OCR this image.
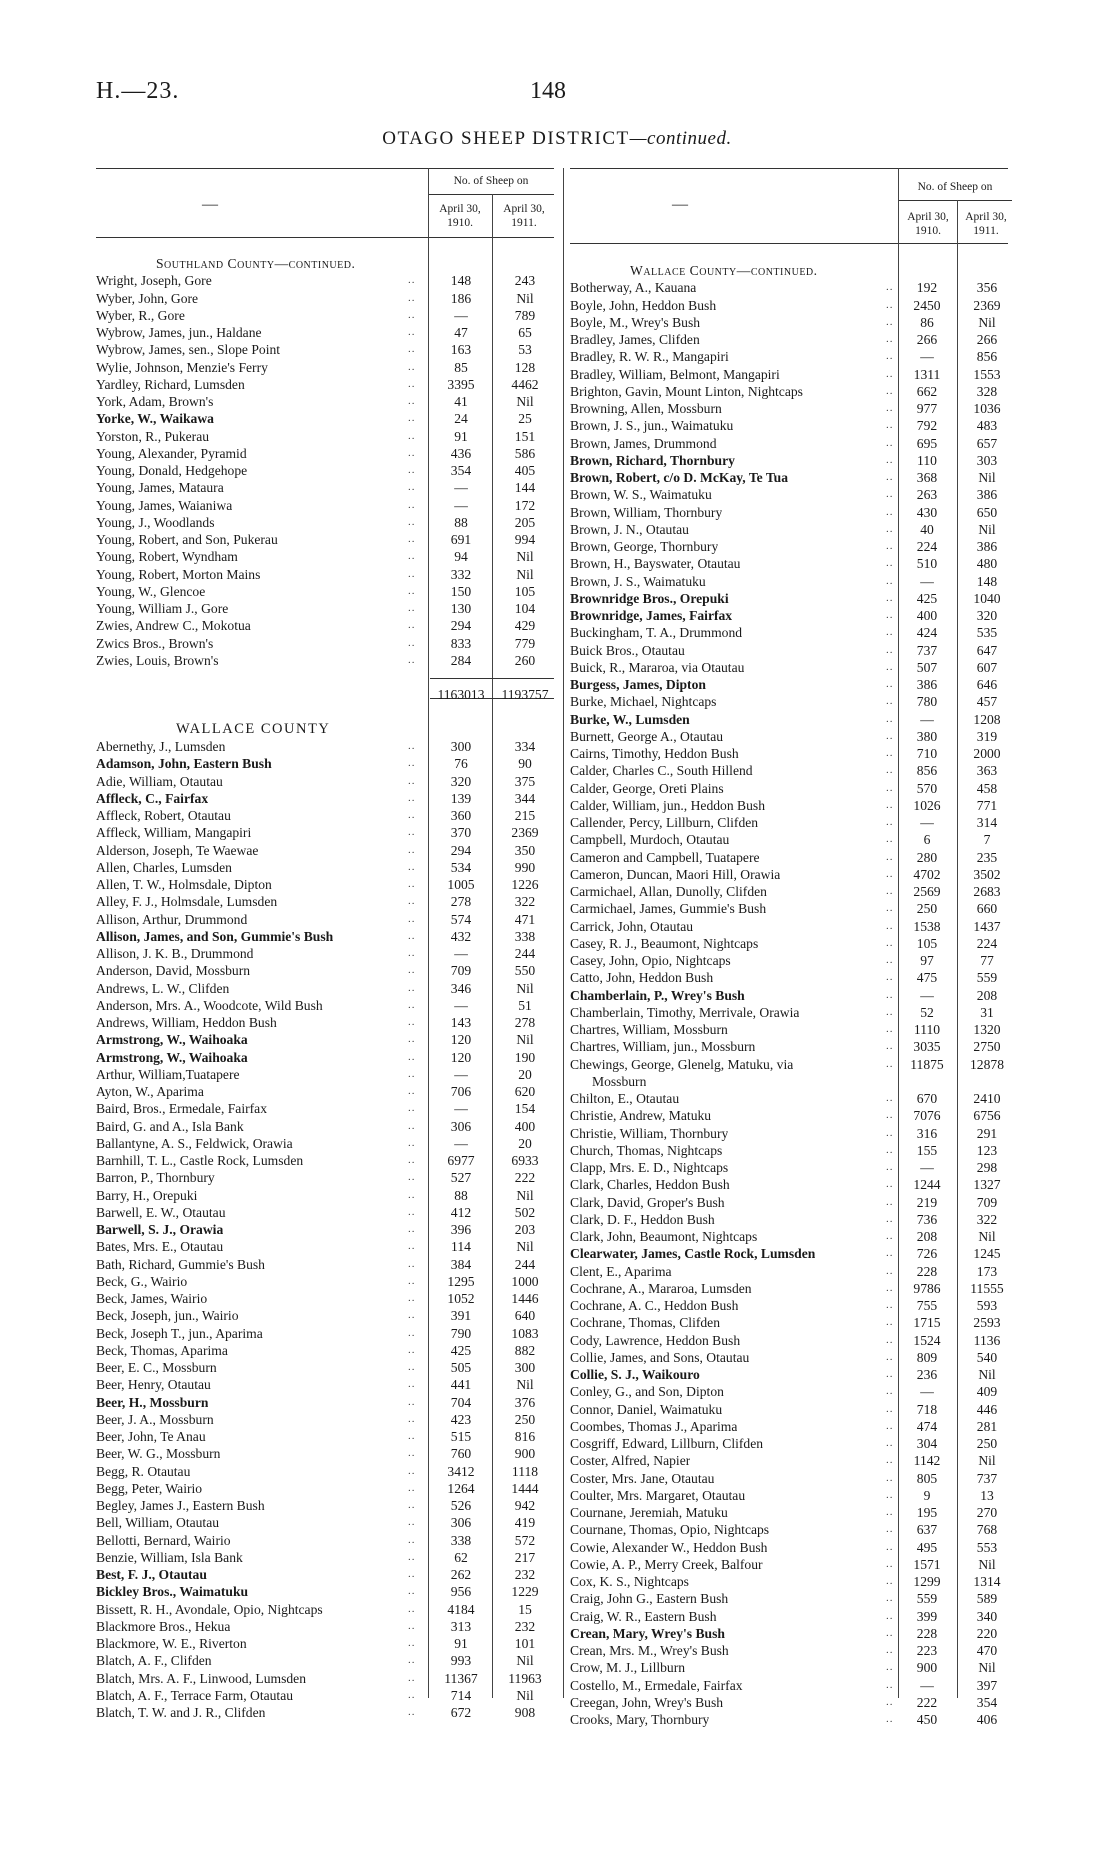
H.—23.	148
OTAGO SHEEP DISTRICT—continued.
—
No. of Sheep on
April 30, 1910.
April 30, 1911.
Southland County—continued.
Wright, Joseph, Gore	..	148	243
Wyber, John, Gore	..	186	Nil
Wyber, R., Gore	..	—	789
Wybrow, James, jun., Haldane	..	47	65
Wybrow, James, sen., Slope Point	..	163	53
Wylie, Johnson, Menzie's Ferry	..	85	128
Yardley, Richard, Lumsden	..	3395	4462
York, Adam, Brown's	..	41	Nil
Yorke, W., Waikawa	..	24	25
Yorston, R., Pukerau	..	91	151
Young, Alexander, Pyramid	..	436	586
Young, Donald, Hedgehope	..	354	405
Young, James, Mataura	..	—	144
Young, James, Waianiwa	..	—	172
Young, J., Woodlands	..	88	205
Young, Robert, and Son, Pukerau	..	691	994
Young, Robert, Wyndham	..	94	Nil
Young, Robert, Morton Mains	..	332	Nil
Young, W., Glencoe	..	150	105
Young, William J., Gore	..	130	104
Zwies, Andrew C., Mokotua	..	294	429
Zwics Bros., Brown's	..	833	779
Zwies, Louis, Brown's	..	284	260
1163013	1193757
WALLACE COUNTY
Abernethy, J., Lumsden	..	300	334
Adamson, John, Eastern Bush	..	76	90
Adie, William, Otautau	..	320	375
Affleck, C., Fairfax	..	139	344
Affleck, Robert, Otautau	..	360	215
Affleck, William, Mangapiri	..	370	2369
Alderson, Joseph, Te Waewae	..	294	350
Allen, Charles, Lumsden	..	534	990
Allen, T. W., Holmsdale, Dipton	..	1005	1226
Alley, F. J., Holmsdale, Lumsden	..	278	322
Allison, Arthur, Drummond	..	574	471
Allison, James, and Son, Gummie's Bush	..	432	338
Allison, J. K. B., Drummond	..	—	244
Anderson, David, Mossburn	..	709	550
Andrews, L. W., Clifden	..	346	Nil
Anderson, Mrs. A., Woodcote, Wild Bush	..	—	51
Andrews, William, Heddon Bush	..	143	278
Armstrong, W., Waihoaka	..	120	Nil
Armstrong, W., Waihoaka	..	120	190
Arthur, William,Tuatapere	..	—	20
Ayton, W., Aparima	..	706	620
Baird, Bros., Ermedale, Fairfax	..	—	154
Baird, G. and A., Isla Bank	..	306	400
Ballantyne, A. S., Feldwick, Orawia	..	—	20
Barnhill, T. L., Castle Rock, Lumsden	..	6977	6933
Barron, P., Thornbury	..	527	222
Barry, H., Orepuki	..	88	Nil
Barwell, E. W., Otautau	..	412	502
Barwell, S. J., Orawia	..	396	203
Bates, Mrs. E., Otautau	..	114	Nil
Bath, Richard, Gummie's Bush	..	384	244
Beck, G., Wairio	..	1295	1000
Beck, James, Wairio	..	1052	1446
Beck, Joseph, jun., Wairio	..	391	640
Beck, Joseph T., jun., Aparima	..	790	1083
Beck, Thomas, Aparima	..	425	882
Beer, E. C., Mossburn	..	505	300
Beer, Henry, Otautau	..	441	Nil
Beer, H., Mossburn	..	704	376
Beer, J. A., Mossburn	..	423	250
Beer, John, Te Anau	..	515	816
Beer, W. G., Mossburn	..	760	900
Begg, R. Otautau	..	3412	1118
Begg, Peter, Wairio	..	1264	1444
Begley, James J., Eastern Bush	..	526	942
Bell, William, Otautau	..	306	419
Bellotti, Bernard, Wairio	..	338	572
Benzie, William, Isla Bank	..	62	217
Best, F. J., Otautau	..	262	232
Bickley Bros., Waimatuku	..	956	1229
Bissett, R. H., Avondale, Opio, Nightcaps	..	4184	15
Blackmore Bros., Hekua	..	313	232
Blackmore, W. E., Riverton	..	91	101
Blatch, A. F., Clifden	..	993	Nil
Blatch, Mrs. A. F., Linwood, Lumsden	..	11367	11963
Blatch, A. F., Terrace Farm, Otautau	..	714	Nil
Blatch, T. W. and J. R., Clifden	..	672	908
—
No. of Sheep on
April 30, 1910.
April 30, 1911.
Wallace County—continued.
Botherway, A., Kauana	..	192	356
Boyle, John, Heddon Bush	..	2450	2369
Boyle, M., Wrey's Bush	..	86	Nil
Bradley, James, Clifden	..	266	266
Bradley, R. W. R., Mangapiri	..	—	856
Bradley, William, Belmont, Mangapiri	..	1311	1553
Brighton, Gavin, Mount Linton, Nightcaps	..	662	328
Browning, Allen, Mossburn	..	977	1036
Brown, J. S., jun., Waimatuku	..	792	483
Brown, James, Drummond	..	695	657
Brown, Richard, Thornbury	..	110	303
Brown, Robert, c/o D. McKay, Te Tua	..	368	Nil
Brown, W. S., Waimatuku	..	263	386
Brown, William, Thornbury	..	430	650
Brown, J. N., Otautau	..	40	Nil
Brown, George, Thornbury	..	224	386
Brown, H., Bayswater, Otautau	..	510	480
Brown, J. S., Waimatuku	..	—	148
Brownridge Bros., Orepuki	..	425	1040
Brownridge, James, Fairfax	..	400	320
Buckingham, T. A., Drummond	..	424	535
Buick Bros., Otautau	..	737	647
Buick, R., Mararoa, via Otautau	..	507	607
Burgess, James, Dipton	..	386	646
Burke, Michael, Nightcaps	..	780	457
Burke, W., Lumsden	..	—	1208
Burnett, George A., Otautau	..	380	319
Cairns, Timothy, Heddon Bush	..	710	2000
Calder, Charles C., South Hillend	..	856	363
Calder, George, Oreti Plains	..	570	458
Calder, William, jun., Heddon Bush	..	1026	771
Callender, Percy, Lillburn, Clifden	..	—	314
Campbell, Murdoch, Otautau	..	6	7
Cameron and Campbell, Tuatapere	..	280	235
Cameron, Duncan, Maori Hill, Orawia	..	4702	3502
Carmichael, Allan, Dunolly, Clifden	..	2569	2683
Carmichael, James, Gummie's Bush	..	250	660
Carrick, John, Otautau	..	1538	1437
Casey, R. J., Beaumont, Nightcaps	..	105	224
Casey, John, Opio, Nightcaps	..	97	77
Catto, John, Heddon Bush	..	475	559
Chamberlain, P., Wrey's Bush	..	—	208
Chamberlain, Timothy, Merrivale, Orawia	..	52	31
Chartres, William, Mossburn	..	1110	1320
Chartres, William, jun., Mossburn	..	3035	2750
Chewings, George, Glenelg, Matuku, via	..	11875	12878
Mossburn
Chilton, E., Otautau	..	670	2410
Christie, Andrew, Matuku	..	7076	6756
Christie, William, Thornbury	..	316	291
Church, Thomas, Nightcaps	..	155	123
Clapp, Mrs. E. D., Nightcaps	..	—	298
Clark, Charles, Heddon Bush	..	1244	1327
Clark, David, Groper's Bush	..	219	709
Clark, D. F., Heddon Bush	..	736	322
Clark, John, Beaumont, Nightcaps	..	208	Nil
Clearwater, James, Castle Rock, Lumsden	..	726	1245
Clent, E., Aparima	..	228	173
Cochrane, A., Mararoa, Lumsden	..	9786	11555
Cochrane, A. C., Heddon Bush	..	755	593
Cochrane, Thomas, Clifden	..	1715	2593
Cody, Lawrence, Heddon Bush	..	1524	1136
Collie, James, and Sons, Otautau	..	809	540
Collie, S. J., Waikouro	..	236	Nil
Conley, G., and Son, Dipton	..	—	409
Connor, Daniel, Waimatuku	..	718	446
Coombes, Thomas J., Aparima	..	474	281
Cosgriff, Edward, Lillburn, Clifden	..	304	250
Coster, Alfred, Napier	..	1142	Nil
Coster, Mrs. Jane, Otautau	..	805	737
Coulter, Mrs. Margaret, Otautau	..	9	13
Cournane, Jeremiah, Matuku	..	195	270
Cournane, Thomas, Opio, Nightcaps	..	637	768
Cowie, Alexander W., Heddon Bush	..	495	553
Cowie, A. P., Merry Creek, Balfour	..	1571	Nil
Cox, K. S., Nightcaps	..	1299	1314
Craig, John G., Eastern Bush	..	559	589
Craig, W. R., Eastern Bush	..	399	340
Crean, Mary, Wrey's Bush	..	228	220
Crean, Mrs. M., Wrey's Bush	..	223	470
Crow, M. J., Lillburn	..	900	Nil
Costello, M., Ermedale, Fairfax	..	—	397
Creegan, John, Wrey's Bush	..	222	354
Crooks, Mary, Thornbury	..	450	406
